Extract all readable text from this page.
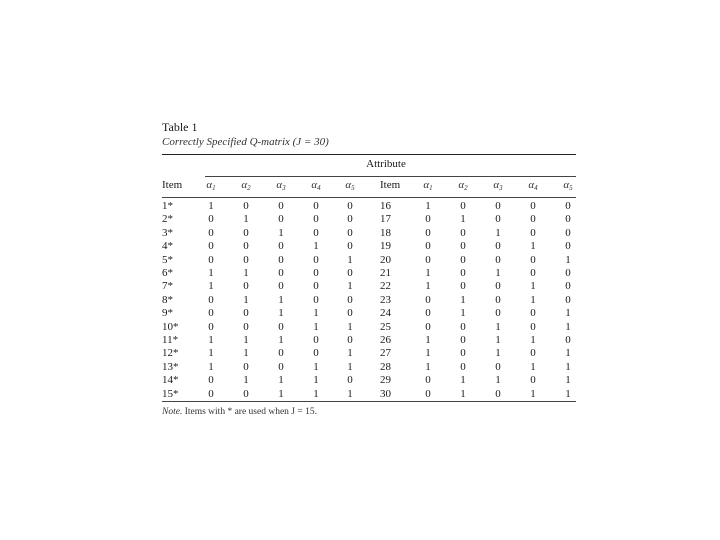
Table 1
Correctly Specified Q-matrix (J = 30)
Attribute
Item	$\alpha_1$	$\alpha_2$	$\alpha_3$	$\alpha_4$	$\alpha_5$	Item	$\alpha_1$	$\alpha_2$	$\alpha_3$	$\alpha_4$	$\alpha_5$
1*	1	0	0	0	0	16	1	0	0	0	0
2*	0	1	0	0	0	17	0	1	0	0	0
3*	0	0	1	0	0	18	0	0	1	0	0
4*	0	0	0	1	0	19	0	0	0	1	0
5*	0	0	0	0	1	20	0	0	0	0	1
6*	1	1	0	0	0	21	1	0	1	0	0
7*	1	0	0	0	1	22	1	0	0	1	0
8*	0	1	1	0	0	23	0	1	0	1	0
9*	0	0	1	1	0	24	0	1	0	0	1
10*	0	0	0	1	1	25	0	0	1	0	1
11*	1	1	1	0	0	26	1	0	1	1	0
12*	1	1	0	0	1	27	1	0	1	0	1
13*	1	0	0	1	1	28	1	0	0	1	1
14*	0	1	1	1	0	29	0	1	1	0	1
15*	0	0	1	1	1	30	0	1	0	1	1
Note. Items with * are used when J = 15.
